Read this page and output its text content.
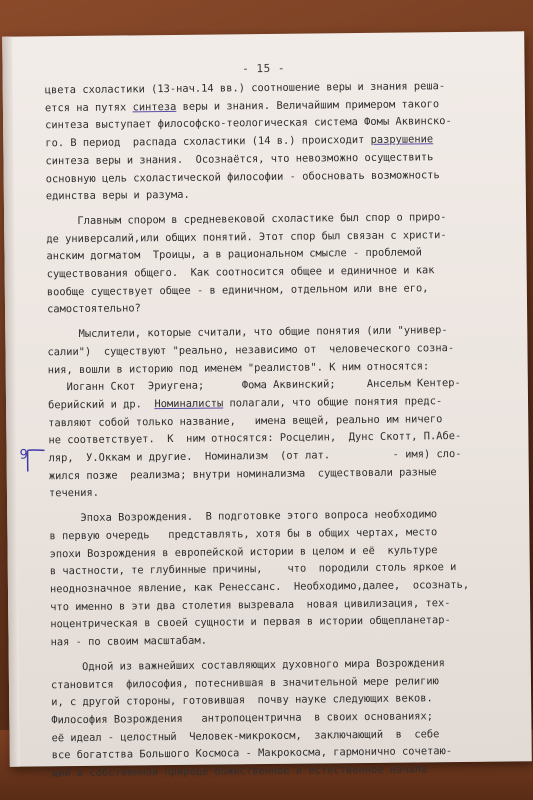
- 15 -
9
цвета схоластики (13-нач.14 вв.) соотношение веры и знания реша-
ется на путях синтеза веры и знания. Величайшим примером такого
синтеза выступает философско-теологическая система Фомы Аквинско-
го. В период  распада схоластики (14 в.) происходит разрушение
синтеза веры и знания.  Осознаётся, что невозможно осуществить
основную цель схоластической философии - обосновать возможность
единства веры и разума.
Главным спором в средневековой схоластике был спор о приро-
де универсалий,или общих понятий. Этот спор был связан с христи-
анским догматом  Троицы, а в рациональном смысле - проблемой
существования общего.  Как соотносится общее и единичное и как
вообще существует общее - в единичном, отдельном или вне его,
самостоятельно?
Мыслители, которые считали, что общие понятия (или "универ-
салии")  существуют "реально, независимо от  человеческого созна-
ния, вошли в историю под именем "реалистов". К ним относятся:
Иоганн Скот  Эриугена;      Фома Аквинский;     Ансельм Кентер-
берийский и др.  Номиналисты полагали, что общие понятия предс-
тавляют собой только название,   имена вещей, реально им ничего
не соответствует.  К  ним относятся: Росцелин,  Дунс Скотт, П.Абе-
ляр,  У.Оккам и другие.  Номинализм  (от лат.          - имя) сло-
жился позже  реализма; внутри номинализма  существовали разные
течения.
Эпоха Возрождения.  В подготовке этого вопроса необходимо
в первую очередь   представлять, хотя бы в общих чертах, место
эпохи Возрождения в европейской истории в целом и её  культуре
в частности, те глубинные причины,    что  породили столь яркое и
неоднозначное явление, как Ренессанс.  Необходимо,далее,  осознать,
что именно в эти два столетия вызревала  новая цивилизация, тех-
ноцентрическая в своей сущности и первая в истории общепланетар-
ная - по своим масштабам.
Одной из важнейших составляющих духовного мира Возрождения
становится  философия, потеснившая в значительной мере религию
и, с другой стороны, готовившая  почву науке следующих веков.
Философия Возрождения   антропоцентрична  в своих основаниях;
её идеал - целостный  Человек-микрокосм,  заключающий  в  себе
все богатства Большого Космоса - Макрокосма, гармонично сочетаю-
щий в собственной природе божественное и естественное начала
